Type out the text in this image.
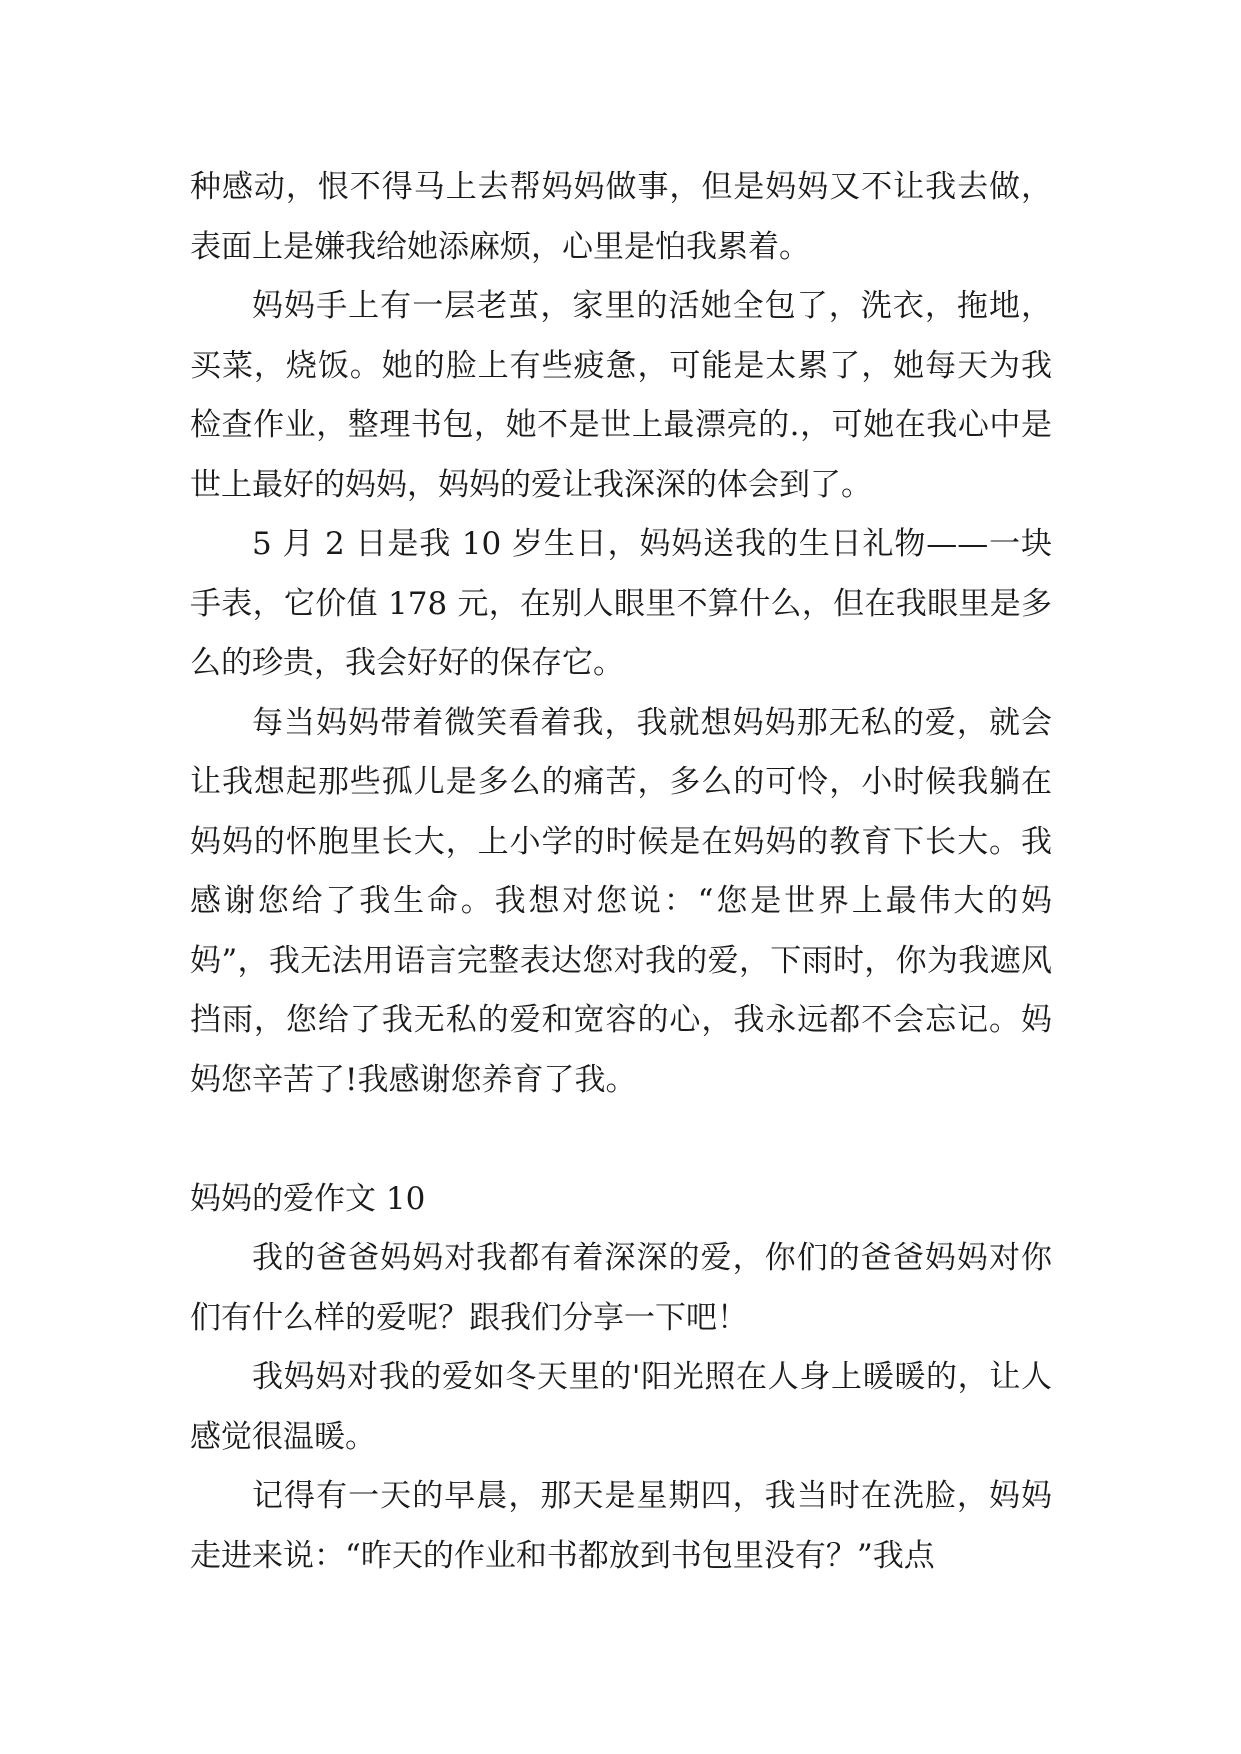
种感动，恨不得马上去帮妈妈做事，但是妈妈又不让我去做，表面上是嫌我给她添麻烦，心里是怕我累着。

妈妈手上有一层老茧，家里的活她全包了，洗衣，拖地，买菜，烧饭。她的脸上有些疲惫，可能是太累了，她每天为我检查作业，整理书包，她不是世上最漂亮的.，可她在我心中是世上最好的妈妈，妈妈的爱让我深深的体会到了。

5 月 2 日是我 10 岁生日，妈妈送我的生日礼物——一块手表，它价值 178 元，在别人眼里不算什么，但在我眼里是多么的珍贵，我会好好的保存它。

每当妈妈带着微笑看着我，我就想妈妈那无私的爱，就会让我想起那些孤儿是多么的痛苦，多么的可怜，小时候我躺在妈妈的怀胞里长大，上小学的时候是在妈妈的教育下长大。我感谢您给了我生命。我想对您说：“您是世界上最伟大的妈妈”，我无法用语言完整表达您对我的爱，下雨时，你为我遮风挡雨，您给了我无私的爱和宽容的心，我永远都不会忘记。妈妈您辛苦了!我感谢您养育了我。

妈妈的爱作文 10

我的爸爸妈妈对我都有着深深的爱，你们的爸爸妈妈对你们有什么样的爱呢？跟我们分享一下吧！

我妈妈对我的爱如冬天里的'阳光照在人身上暖暖的，让人感觉很温暖。

记得有一天的早晨，那天是星期四，我当时在洗脸，妈妈走进来说：“昨天的作业和书都放到书包里没有？”我点
